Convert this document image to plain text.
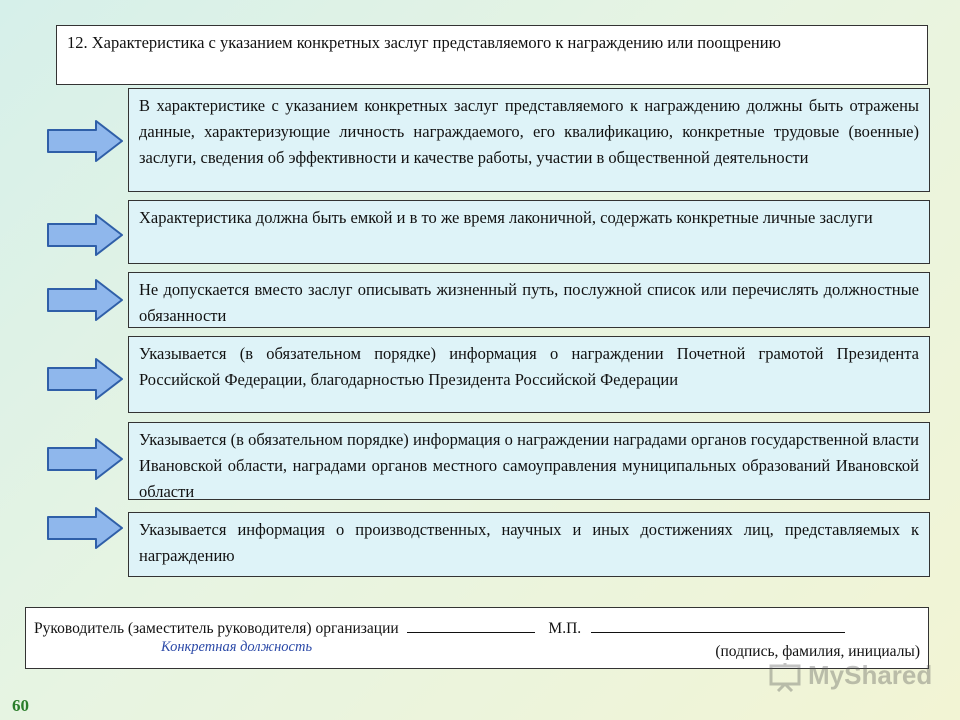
12. Характеристика с указанием конкретных заслуг представляемого к награждению или поощрению
В характеристике с указанием конкретных заслуг представляемого к награждению должны быть отражены данные, характеризующие личность награждаемого, его квалификацию, конкретные трудовые (военные) заслуги, сведения об эффективности и качестве работы, участии в общественной деятельности
Характеристика должна быть емкой и в то же время лаконичной, содержать конкретные личные заслуги
Не допускается вместо заслуг описывать жизненный путь, послужной список или перечислять должностные обязанности
Указывается (в обязательном порядке) информация о награждении Почетной грамотой Президента Российской Федерации, благодарностью Президента Российской Федерации
Указывается (в обязательном порядке) информация о награждении наградами органов государственной власти Ивановской области, наградами органов местного самоуправления муниципальных образований Ивановской области
Указывается информация о производственных, научных и иных достижениях лиц, представляемых к награждению
Руководитель (заместитель руководителя) организации	М.П.
Конкретная должность	(подпись, фамилия, инициалы)
60
MyShared
